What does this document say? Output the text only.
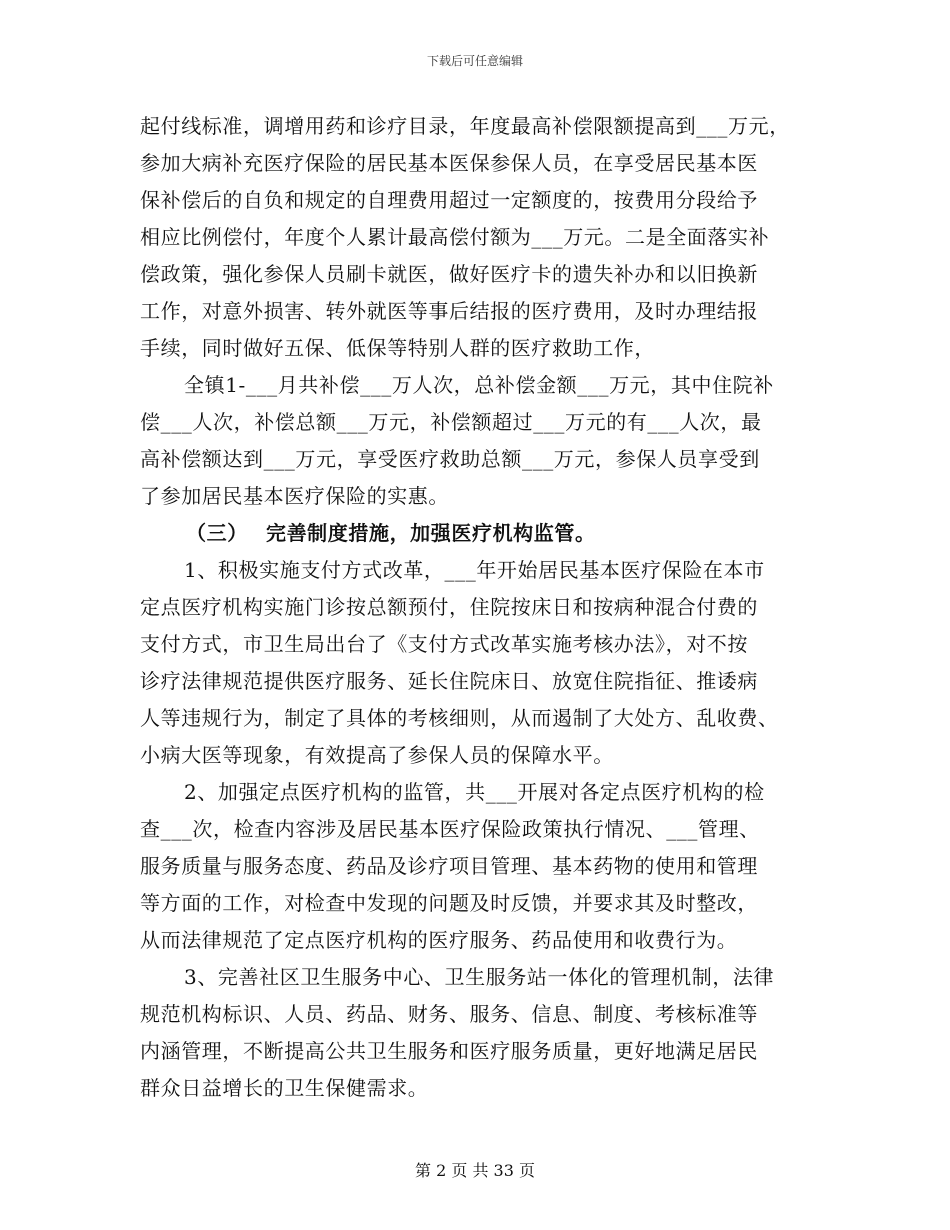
下载后可任意编辑
起付线标准，调增用药和诊疗目录，年度最高补偿限额提高到___万元，
参加大病补充医疗保险的居民基本医保参保人员，在享受居民基本医
保补偿后的自负和规定的自理费用超过一定额度的，按费用分段给予
相应比例偿付，年度个人累计最高偿付额为___万元。二是全面落实补
偿政策，强化参保人员刷卡就医，做好医疗卡的遗失补办和以旧换新
工作，对意外损害、转外就医等事后结报的医疗费用，及时办理结报
手续，同时做好五保、低保等特别人群的医疗救助工作，
全镇1-___月共补偿___万人次，总补偿金额___万元，其中住院补
偿___人次，补偿总额___万元，补偿额超过___万元的有___人次，最
高补偿额达到___万元，享受医疗救助总额___万元，参保人员享受到
了参加居民基本医疗保险的实惠。
（三）　 完善制度措施，加强医疗机构监管。
1、积极实施支付方式改革，___年开始居民基本医疗保险在本市
定点医疗机构实施门诊按总额预付，住院按床日和按病种混合付费的
支付方式，市卫生局出台了《支付方式改革实施考核办法》，对不按
诊疗法律规范提供医疗服务、延长住院床日、放宽住院指征、推诿病
人等违规行为，制定了具体的考核细则，从而遏制了大处方、乱收费、
小病大医等现象，有效提高了参保人员的保障水平。
2、加强定点医疗机构的监管，共___开展对各定点医疗机构的检
查___次，检查内容涉及居民基本医疗保险政策执行情况、___管理、
服务质量与服务态度、药品及诊疗项目管理、基本药物的使用和管理
等方面的工作，对检查中发现的问题及时反馈，并要求其及时整改，
从而法律规范了定点医疗机构的医疗服务、药品使用和收费行为。
3、完善社区卫生服务中心、卫生服务站一体化的管理机制，法律
规范机构标识、人员、药品、财务、服务、信息、制度、考核标准等
内涵管理，不断提高公共卫生服务和医疗服务质量，更好地满足居民
群众日益增长的卫生保健需求。
第 2 页 共 33 页
